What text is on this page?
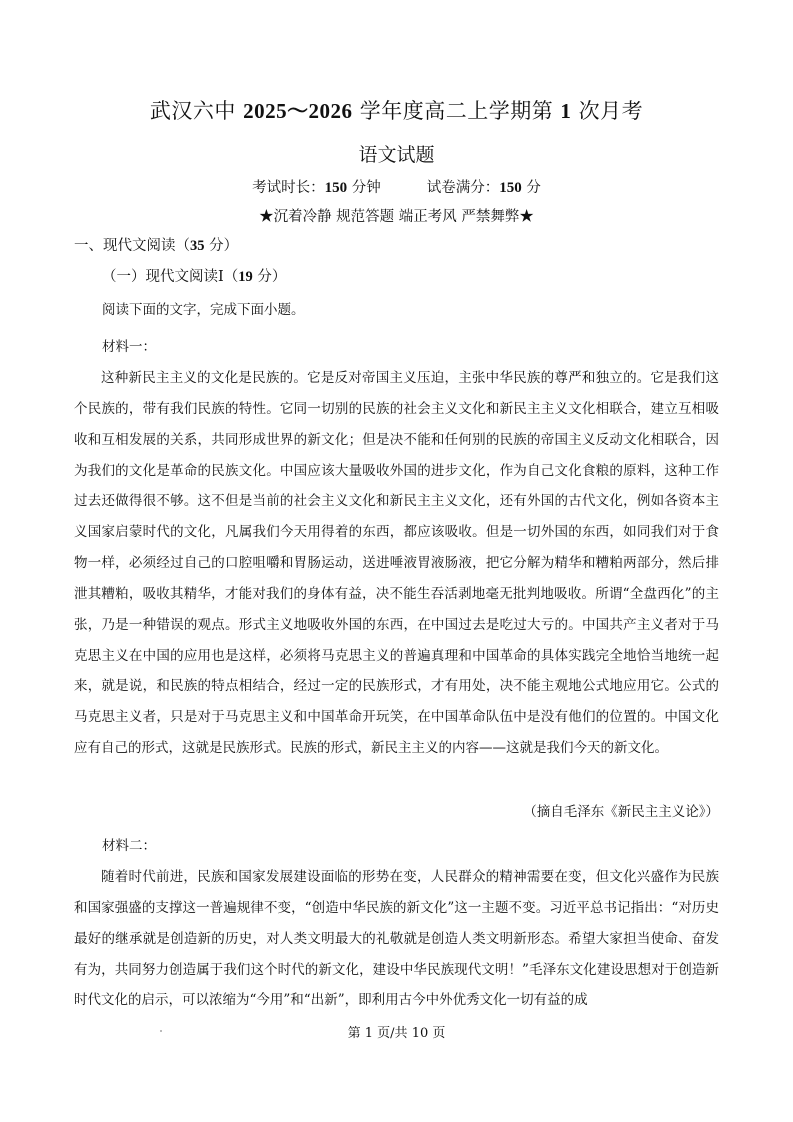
武汉六中 2025～2026 学年度高二上学期第 1 次月考
语文试题
考试时长：150 分钟	试卷满分：150 分
★沉着冷静 规范答题 端正考风 严禁舞弊★
一、现代文阅读（35 分）
（一）现代文阅读Ⅰ（19 分）
阅读下面的文字，完成下面小题。
材料一：

这种新民主主义的文化是民族的。它是反对帝国主义压迫，主张中华民族的尊严和独立的。它是我们这个民族的，带有我们民族的特性。它同一切别的民族的社会主义文化和新民主主义文化相联合，建立互相吸收和互相发展的关系，共同形成世界的新文化；但是决不能和任何别的民族的帝国主义反动文化相联合，因为我们的文化是革命的民族文化。中国应该大量吸收外国的进步文化，作为自己文化食粮的原料，这种工作过去还做得很不够。这不但是当前的社会主义文化和新民主主义文化，还有外国的古代文化，例如各资本主义国家启蒙时代的文化，凡属我们今天用得着的东西，都应该吸收。但是一切外国的东西，如同我们对于食物一样，必须经过自己的口腔咀嚼和胃肠运动，送进唾液胃液肠液，把它分解为精华和糟粕两部分，然后排泄其糟粕，吸收其精华，才能对我们的身体有益，决不能生吞活剥地毫无批判地吸收。所谓“全盘西化”的主张，乃是一种错误的观点。形式主义地吸收外国的东西，在中国过去是吃过大亏的。中国共产主义者对于马克思主义在中国的应用也是这样，必须将马克思主义的普遍真理和中国革命的具体实践完全地恰当地统一起来，就是说，和民族的特点相结合，经过一定的民族形式，才有用处，决不能主观地公式地应用它。公式的马克思主义者，只是对于马克思主义和中国革命开玩笑，在中国革命队伍中是没有他们的位置的。中国文化应有自己的形式，这就是民族形式。民族的形式，新民主主义的内容——这就是我们今天的新文化。

（摘自毛泽东《新民主主义论》）
材料二：

随着时代前进，民族和国家发展建设面临的形势在变，人民群众的精神需要在变，但文化兴盛作为民族和国家强盛的支撑这一普遍规律不变，“创造中华民族的新文化”这一主题不变。习近平总书记指出：“对历史最好的继承就是创造新的历史，对人类文明最大的礼敬就是创造人类文明新形态。希望大家担当使命、奋发有为，共同努力创造属于我们这个时代的新文化，建设中华民族现代文明！”毛泽东文化建设思想对于创造新时代文化的启示，可以浓缩为“今用”和“出新”，即利用古今中外优秀文化一切有益的成

第 1 页/共 10 页
